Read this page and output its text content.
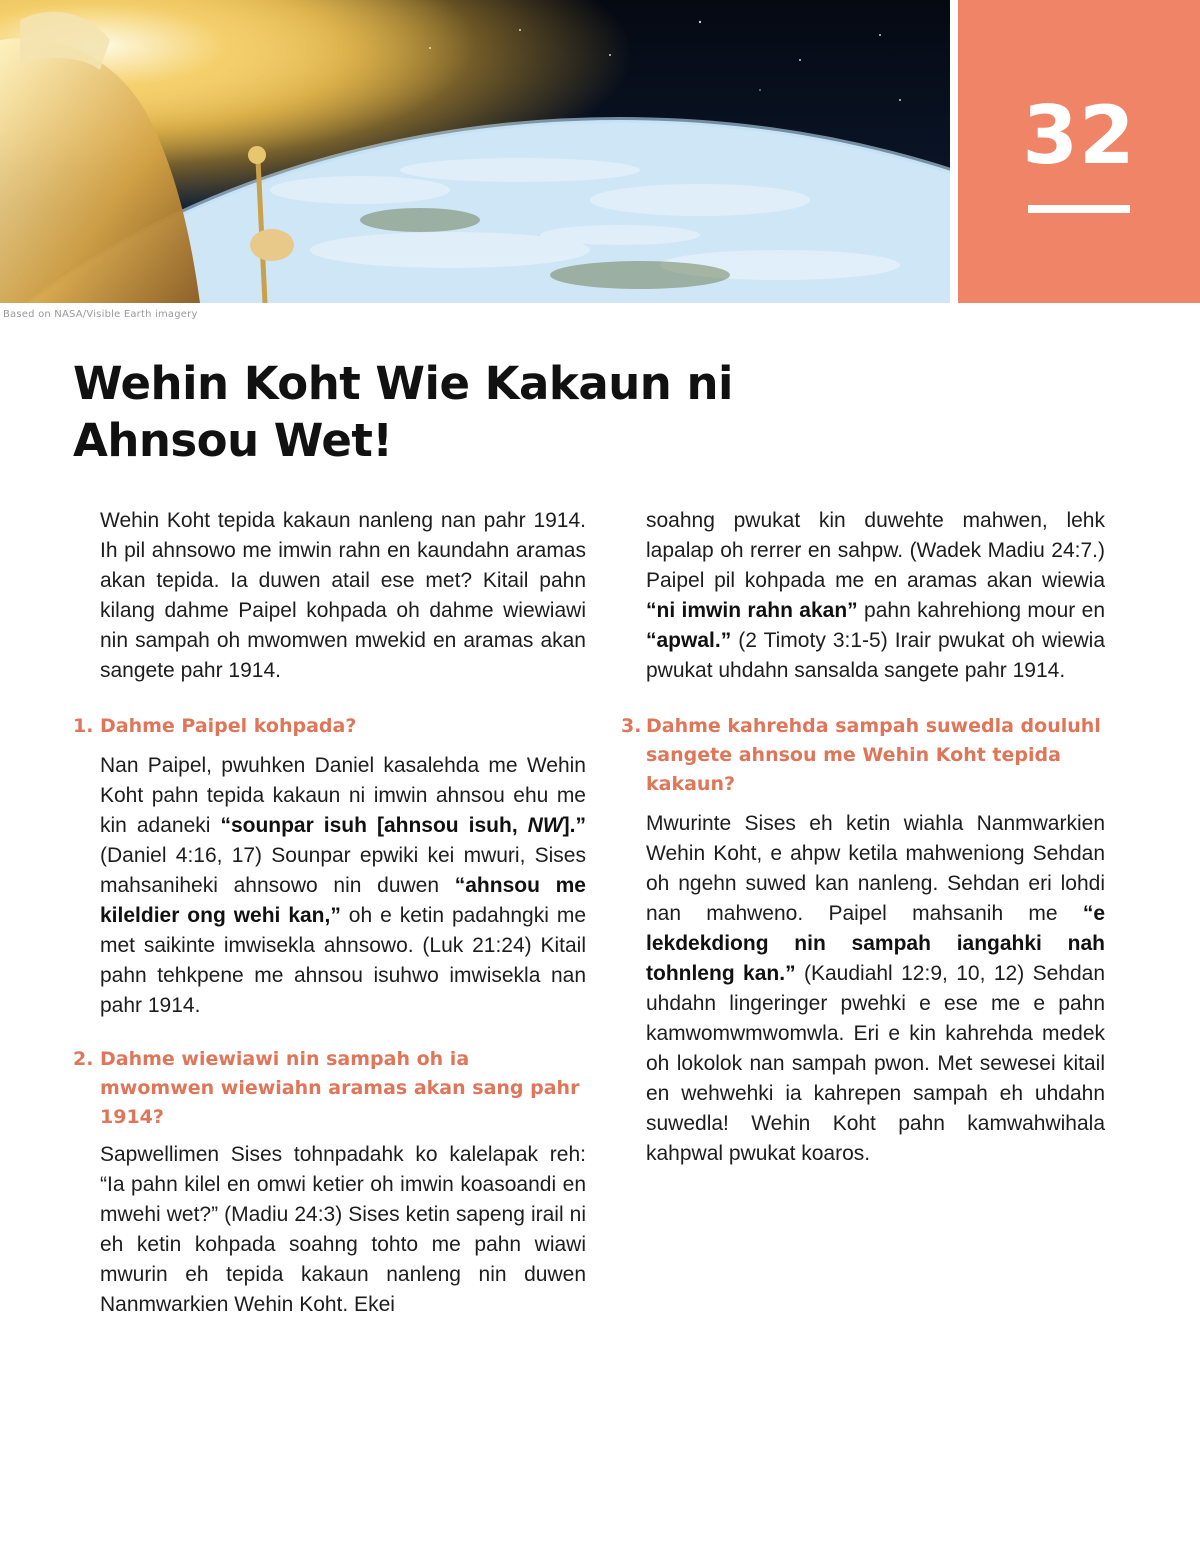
32
Based on NASA/Visible Earth imagery
Wehin Koht Wie Kakaun ni Ahnsou Wet!

Wehin Koht tepida kakaun nanleng nan pahr 1914. Ih pil ahnsowo me imwin rahn en kaundahn aramas akan tepida. Ia duwen atail ese met? Kitail pahn kilang dahme Paipel kohpada oh dahme wiewiawi nin sampah oh mwomwen mwekid en aramas akan sangete pahr 1914.

1. Dahme Paipel kohpada?

Nan Paipel, pwuhken Daniel kasalehda me Wehin Koht pahn tepida kakaun ni imwin ahnsou ehu me kin adaneki “sounpar isuh [ahnsou isuh, NW].” (Daniel 4:16, 17) Sounpar epwiki kei mwuri, Sises mahsaniheki ahnsowo nin duwen “ahnsou me kileldier ong wehi kan,” oh e ketin padahngki me met saikinte imwisekla ahnsowo. (Luk 21:24) Kitail pahn tehkpene me ahnsou isuhwo imwisekla nan pahr 1914.

2. Dahme wiewiawi nin sampah oh ia mwomwen wiewiahn aramas akan sang pahr 1914?

Sapwellimen Sises tohnpadahk ko kalelapak reh: “Ia pahn kilel en omwi ketier oh imwin koasoandi en mwehi wet?” (Madiu 24:3) Sises ketin sapeng irail ni eh ketin kohpada soahng tohto me pahn wiawi mwurin eh tepida kakaun nanleng nin duwen Nanmwarkien Wehin Koht. Ekei

soahng pwukat kin duwehte mahwen, lehk lapalap oh rerrer en sahpw. (Wadek Madiu 24:7.) Paipel pil kohpada me en aramas akan wiewia “ni imwin rahn akan” pahn kahrehiong mour en “apwal.” (2 Timoty 3:1-5) Irair pwukat oh wiewia pwukat uhdahn sansalda sangete pahr 1914.

3. Dahme kahrehda sampah suwedla douluhl sangete ahnsou me Wehin Koht tepida kakaun?

Mwurinte Sises eh ketin wiahla Nanmwarkien Wehin Koht, e ahpw ketila mahweniong Sehdan oh ngehn suwed kan nanleng. Sehdan eri lohdi nan mahweno. Paipel mahsanih me “e lekdekdiong nin sampah iangahki nah tohnleng kan.” (Kaudiahl 12:9, 10, 12) Sehdan uhdahn lingeringer pwehki e ese me e pahn kamwomwmwomwla. Eri e kin kahrehda medek oh lokolok nan sampah pwon. Met sewesei kitail en wehwehki ia kahrepen sampah eh uhdahn suwedla! Wehin Koht pahn kamwahwihala kahpwal pwukat koaros.
